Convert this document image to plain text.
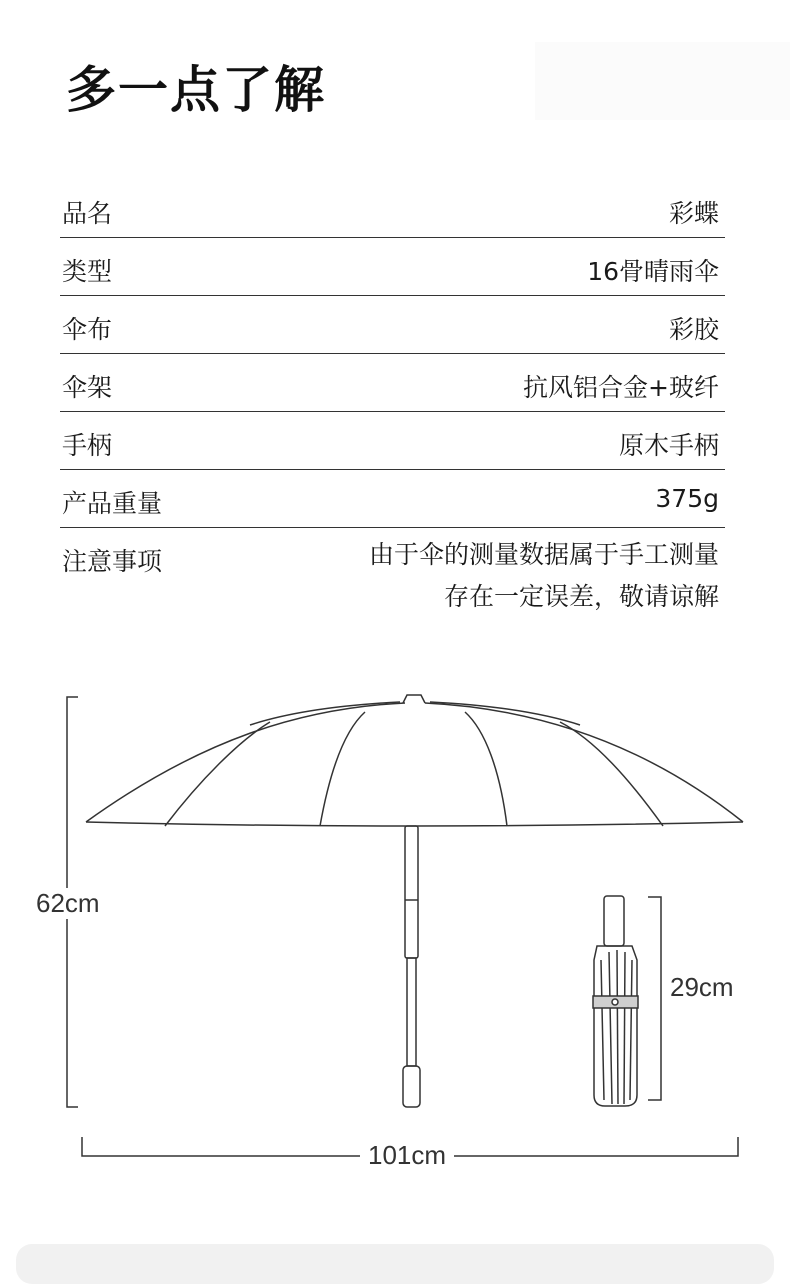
多一点了解
品名	彩蝶
类型	16骨晴雨伞
伞布	彩胶
伞架	抗风铝合金+玻纤
手柄	原木手柄
产品重量	375g
注意事项	由于伞的测量数据属于手工测量
存在一定误差，敬请谅解
62cm
29cm
101cm
